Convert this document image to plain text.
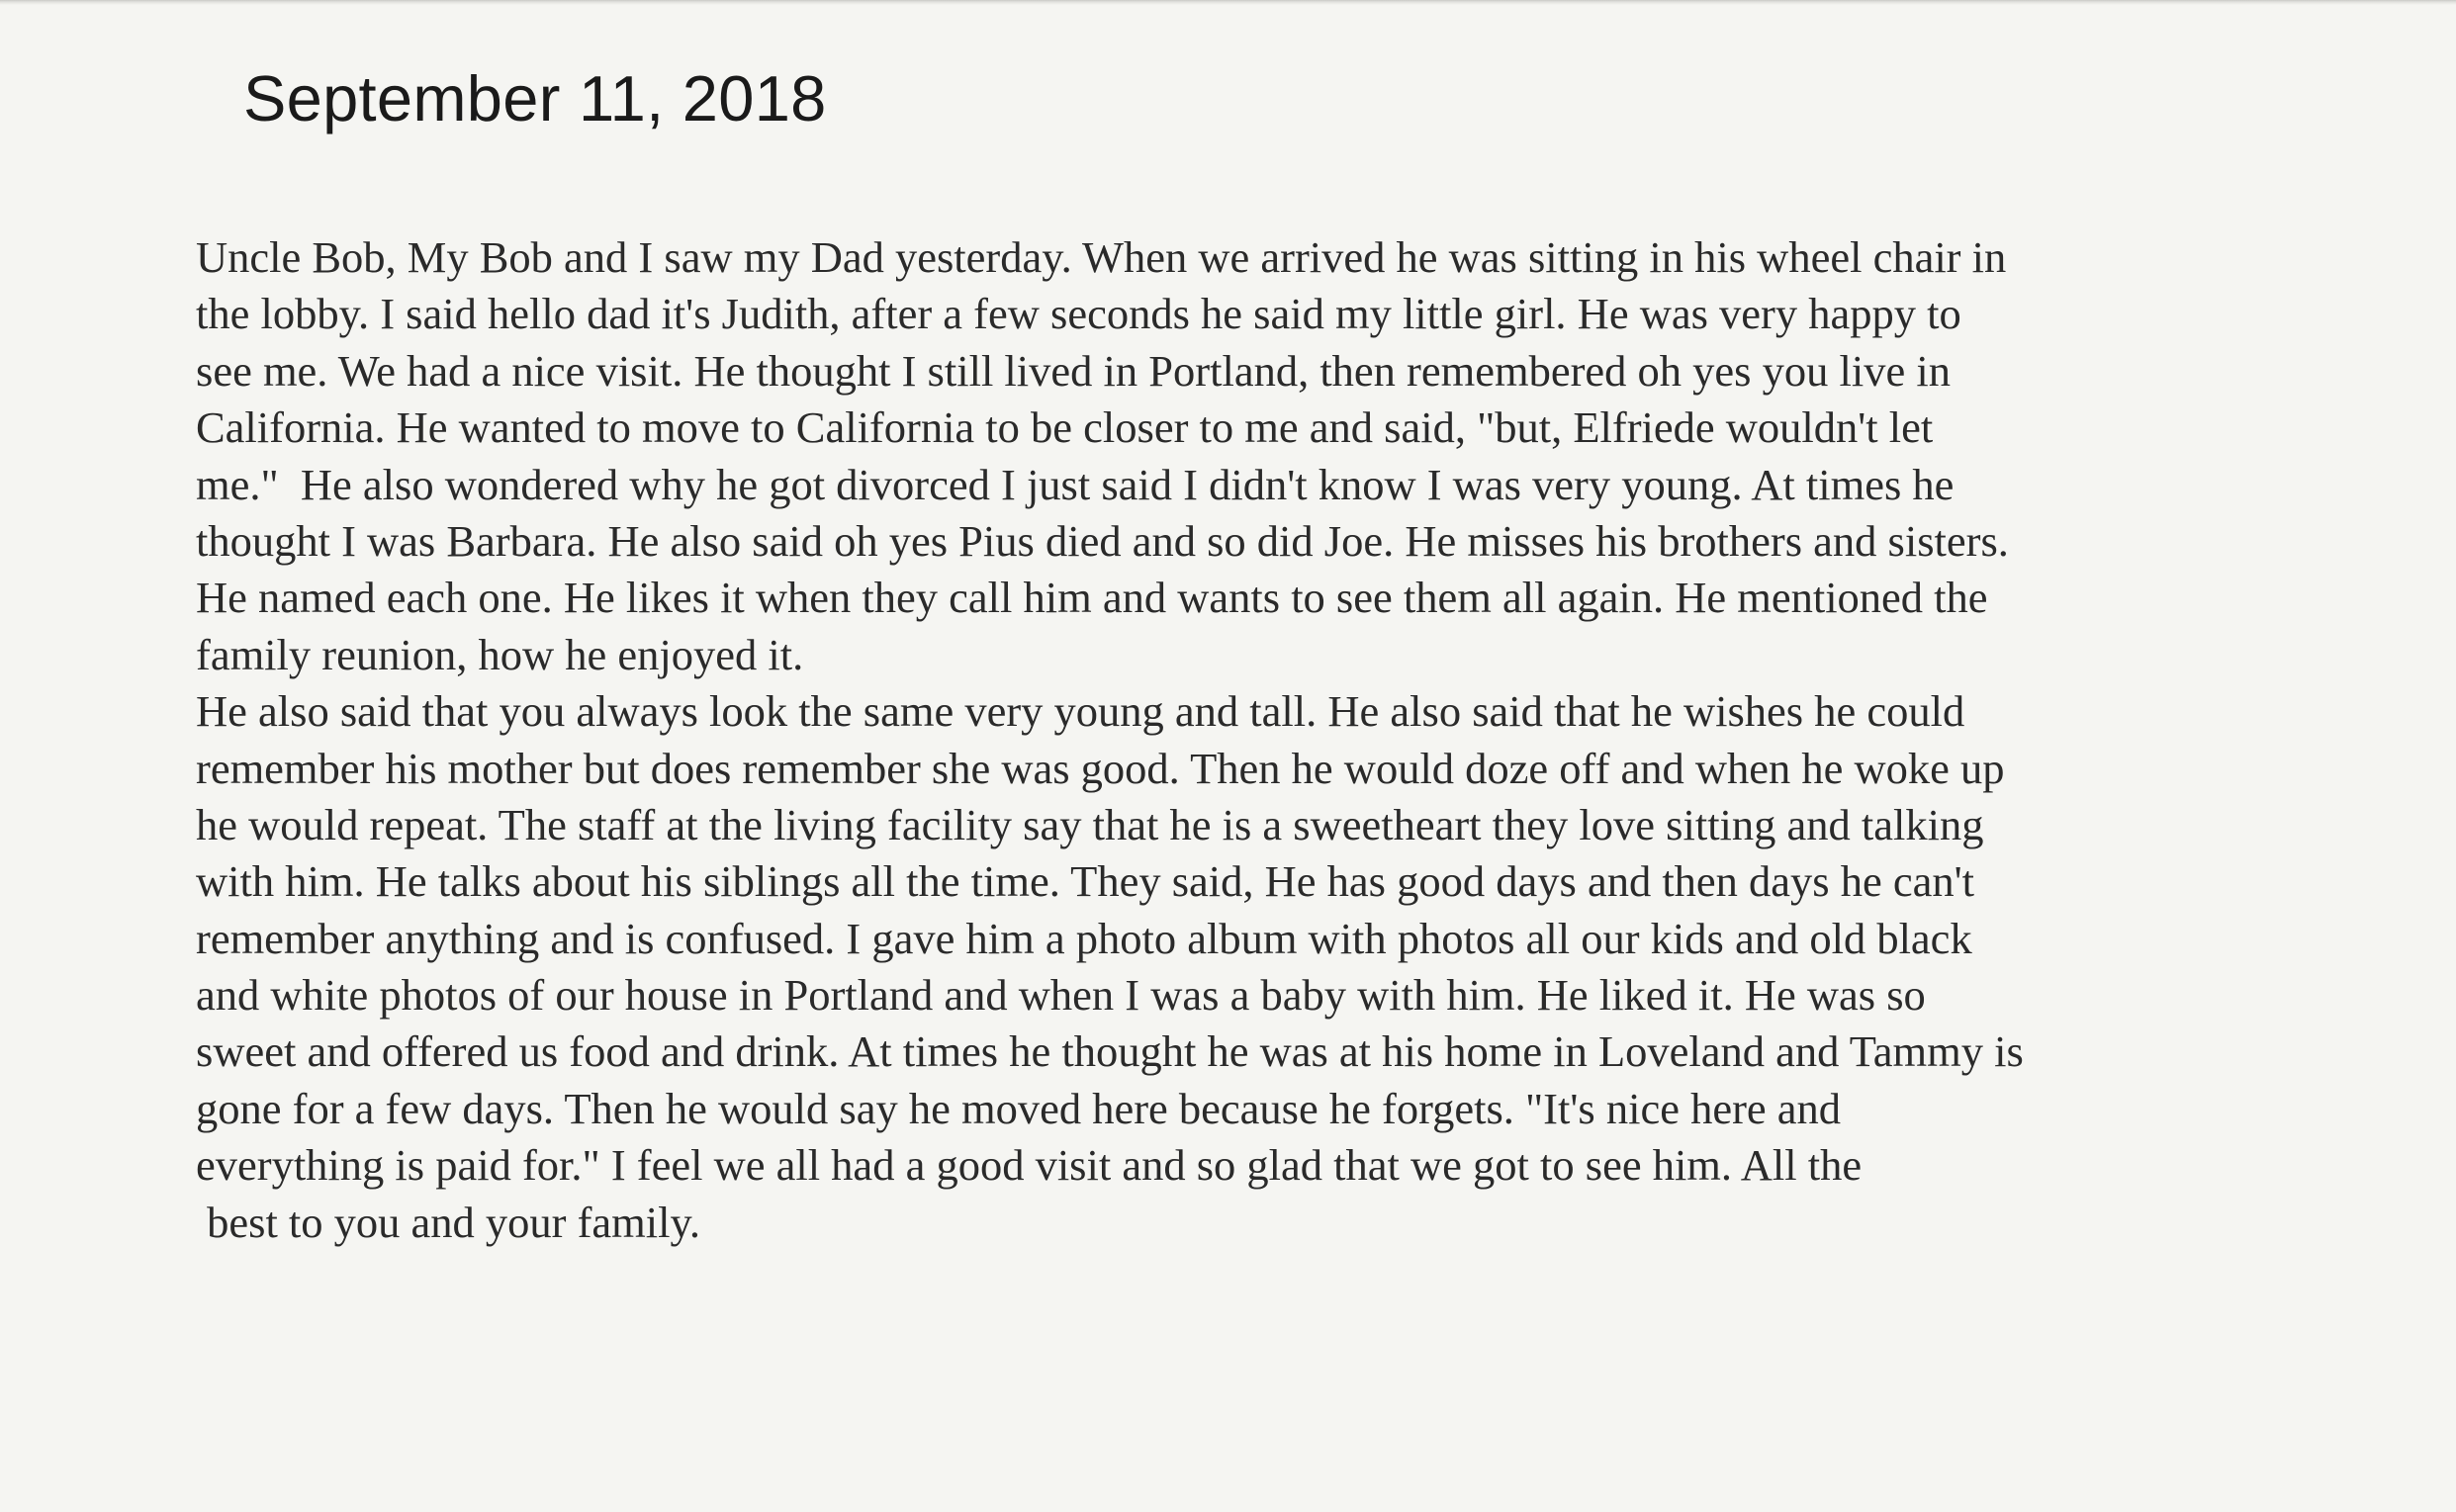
September 11, 2018
Uncle Bob, My Bob and I saw my Dad yesterday. When we arrived he was sitting in his wheel chair in
the lobby. I said hello dad it's Judith, after a few seconds he said my little girl. He was very happy to
see me. We had a nice visit. He thought I still lived in Portland, then remembered oh yes you live in
California. He wanted to move to California to be closer to me and said, "but, Elfriede wouldn't let
me."  He also wondered why he got divorced I just said I didn't know I was very young. At times he
thought I was Barbara. He also said oh yes Pius died and so did Joe. He misses his brothers and sisters.
He named each one. He likes it when they call him and wants to see them all again. He mentioned the
family reunion, how he enjoyed it.
He also said that you always look the same very young and tall. He also said that he wishes he could
remember his mother but does remember she was good. Then he would doze off and when he woke up
he would repeat. The staff at the living facility say that he is a sweetheart they love sitting and talking
with him. He talks about his siblings all the time. They said, He has good days and then days he can't
remember anything and is confused. I gave him a photo album with photos all our kids and old black
and white photos of our house in Portland and when I was a baby with him. He liked it. He was so
sweet and offered us food and drink. At times he thought he was at his home in Loveland and Tammy is
gone for a few days. Then he would say he moved here because he forgets. "It's nice here and
everything is paid for." I feel we all had a good visit and so glad that we got to see him. All the
best to you and your family.
